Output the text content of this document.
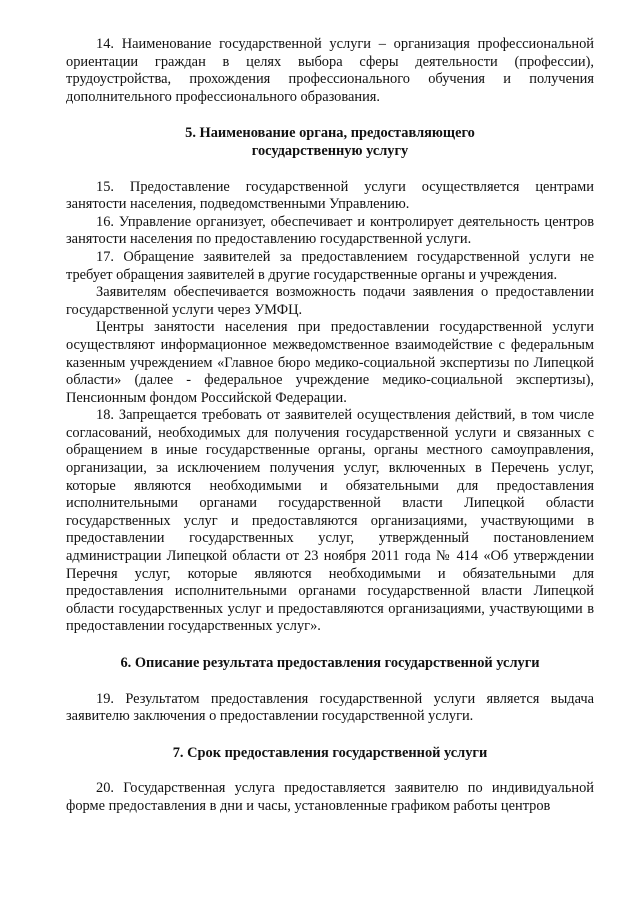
14. Наименование государственной услуги – организация профессиональной ориентации граждан в целях выбора сферы деятельности (профессии), трудоустройства, прохождения профессионального обучения и получения дополнительного профессионального образования.

5. Наименование органа, предоставляющего
государственную услугу

15. Предоставление государственной услуги осуществляется центрами занятости населения, подведомственными Управлению.

16. Управление организует, обеспечивает и контролирует деятельность центров занятости населения по предоставлению государственной услуги.

17. Обращение заявителей за предоставлением государственной услуги не требует обращения заявителей в другие государственные органы и учреждения.

Заявителям обеспечивается возможность подачи заявления о предоставлении государственной услуги через УМФЦ.

Центры занятости населения при предоставлении государственной услуги осуществляют информационное межведомственное взаимодействие с федеральным казенным учреждением «Главное бюро медико-социальной экспертизы по Липецкой области» (далее - федеральное учреждение медико-социальной экспертизы), Пенсионным фондом Российской Федерации.

18. Запрещается требовать от заявителей осуществления действий, в том числе согласований, необходимых для получения государственной услуги и связанных с обращением в иные государственные органы, органы местного самоуправления, организации, за исключением получения услуг, включенных в Перечень услуг, которые являются необходимыми и обязательными для предоставления исполнительными органами государственной власти Липецкой области государственных услуг и предоставляются организациями, участвующими в предоставлении государственных услуг, утвержденный постановлением администрации Липецкой области от 23 ноября 2011 года № 414 «Об утверждении Перечня услуг, которые являются необходимыми и обязательными для предоставления исполнительными органами государственной власти Липецкой области государственных услуг и предоставляются организациями, участвующими в предоставлении государственных услуг».

6. Описание результата предоставления государственной услуги

19. Результатом предоставления государственной услуги является выдача заявителю заключения о предоставлении государственной услуги.

7. Срок предоставления государственной услуги

20. Государственная услуга предоставляется заявителю по индивидуальной форме предоставления в дни и часы, установленные графиком работы центров
